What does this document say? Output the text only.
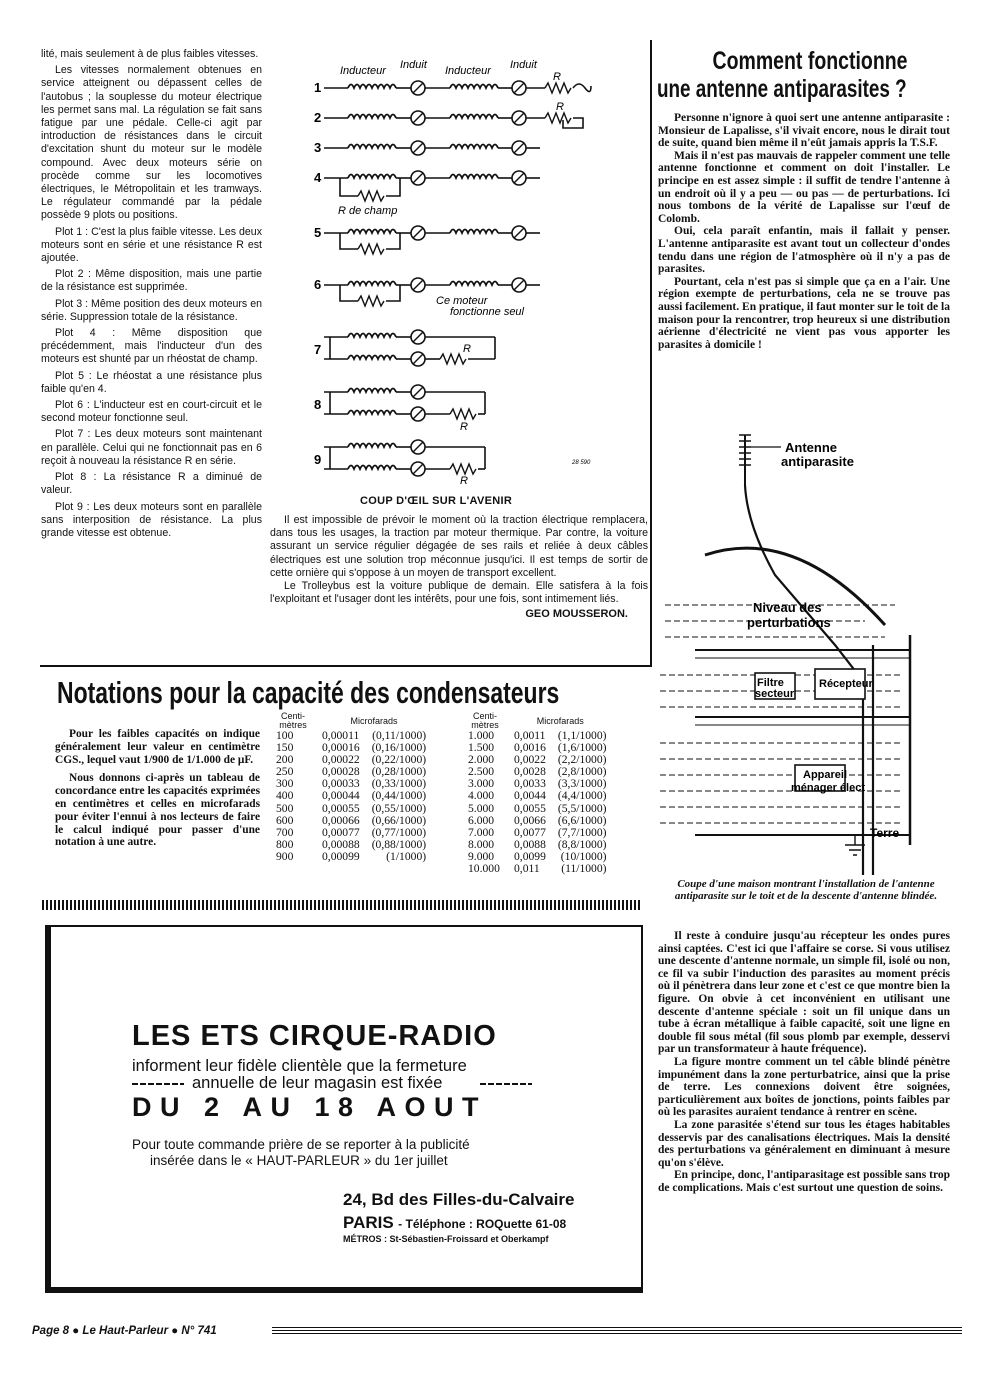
lité, mais seulement à de plus faibles vitesses.

Les vitesses normalement obtenues en service atteignent ou dépassent celles de l'autobus ; la souplesse du moteur électrique les permet sans mal. La régulation se fait sans fatigue par une pédale. Celle-ci agit par introduction de résistances dans le circuit d'excitation shunt du moteur sur le modèle compound. Avec deux moteurs série on procède comme sur les locomotives électriques, le Métropolitain et les tramways. Le régulateur commandé par la pédale possède 9 plots ou positions.

Plot 1 : C'est la plus faible vitesse. Les deux moteurs sont en série et une résistance R est ajoutée.

Plot 2 : Même disposition, mais une partie de la résistance est supprimée.

Plot 3 : Même position des deux moteurs en série. Suppression totale de la résistance.

Plot 4 : Même disposition que précédemment, mais l'inducteur d'un des moteurs est shunté par un rhéostat de champ.

Plot 5 : Le rhéostat a une résistance plus faible qu'en 4.

Plot 6 : L'inducteur est en court-circuit et le second moteur fonctionne seul.

Plot 7 : Les deux moteurs sont maintenant en parallèle. Celui qui ne fonctionnait pas en 6 reçoit à nouveau la résistance R en série.

Plot 8 : La résistance R a diminué de valeur.

Plot 9 : Les deux moteurs sont en parallèle sans interposition de résistance. La plus grande vitesse est obtenue.

Inducteur Induit Inducteur Induit
1
2
3
4
5
6
7
8
9
R
R
R de champ
Ce moteur
fonctionne seul
R
R
R
28 590
COUP D'ŒIL SUR L'AVENIR

Il est impossible de prévoir le moment où la traction électrique remplacera, dans tous les usages, la traction par moteur thermique. Par contre, la voiture assurant un service régulier dégagée de ses rails et reliée à deux câbles électriques est une solution trop méconnue jusqu'ici. Il est temps de sortir de cette ornière qui s'oppose à un moyen de transport excellent.

Le Trolleybus est la voiture publique de demain. Elle satisfera à la fois l'exploitant et l'usager dont les intérêts, pour une fois, sont intimement liés.

GEO MOUSSERON.
Comment fonctionne
une antenne antiparasites ?

Personne n'ignore à quoi sert une antenne antiparasite : Monsieur de Lapalisse, s'il vivait encore, nous le dirait tout de suite, quand bien même il n'eût jamais appris la T.S.F.

Mais il n'est pas mauvais de rappeler comment une telle antenne fonctionne et comment on doit l'installer. Le principe en est assez simple : il suffit de tendre l'antenne à un endroit où il y a peu — ou pas — de perturbations. Ici nous tombons de la vérité de Lapalisse sur l'œuf de Colomb.

Oui, cela paraît enfantin, mais il fallait y penser. L'antenne antiparasite est avant tout un collecteur d'ondes tendu dans une région de l'atmosphère où il n'y a pas de parasites.

Pourtant, cela n'est pas si simple que ça en a l'air. Une région exempte de perturbations, cela ne se trouve pas aussi facilement. En pratique, il faut monter sur le toit de la maison pour la rencontrer, trop heureux si une distribution aérienne d'électricité ne vient pas vous apporter les parasites à domicile !

Antenne
antiparasite
Niveau des
perturbations
Filtre
secteur
Récepteur
Appareil
ménager élect
Terre
Coupe d'une maison montrant l'installation de l'antenne antiparasite sur le toit et de la descente d'antenne blindée.

Il reste à conduire jusqu'au récepteur les ondes pures ainsi captées. C'est ici que l'affaire se corse. Si vous utilisez une descente d'antenne normale, un simple fil, isolé ou non, ce fil va subir l'induction des parasites au moment précis où il pénètrera dans leur zone et c'est ce que montre bien la figure. On obvie à cet inconvénient en utilisant une descente d'antenne spéciale : soit un fil unique dans un tube à écran métallique à faible capacité, soit une ligne en double fil sous métal (fil sous plomb par exemple, desservi par un transformateur à haute fréquence).

La figure montre comment un tel câble blindé pénètre impunément dans la zone perturbatrice, ainsi que la prise de terre. Les connexions doivent être soignées, particulièrement aux boîtes de jonctions, points faibles par où les parasites auraient tendance à rentrer en scène.

La zone parasitée s'étend sur tous les étages habitables desservis par des canalisations électriques. Mais la densité des perturbations va généralement en diminuant à mesure qu'on s'élève.

En principe, donc, l'antiparasitage est possible sans trop de complications. Mais c'est surtout une question de soins.

Notations pour la capacité des condensateurs

Pour les faibles capacités on indique généralement leur valeur en centimètre CGS., lequel vaut 1/900 de 1/1.000 de μF.

Nous donnons ci-après un tableau de concordance entre les capacités exprimées en centimètres et celles en microfarads pour éviter l'ennui à nos lecteurs de faire le calcul indiqué pour passer d'une notation à une autre.

Centi-mètres	Microfarads	
100	0,00011	(0,11/1000)
150	0,00016	(0,16/1000)
200	0,00022	(0,22/1000)
250	0,00028	(0,28/1000)
300	0,00033	(0,33/1000)
400	0,00044	(0,44/1000)
500	0,00055	(0,55/1000)
600	0,00066	(0,66/1000)
700	0,00077	(0,77/1000)
800	0,00088	(0,88/1000)
900	0,00099	(1/1000)
Centi-mètres	Microfarads	
1.000	0,0011	(1,1/1000)
1.500	0,0016	(1,6/1000)
2.000	0,0022	(2,2/1000)
2.500	0,0028	(2,8/1000)
3.000	0,0033	(3,3/1000)
4.000	0,0044	(4,4/1000)
5.000	0,0055	(5,5/1000)
6.000	0,0066	(6,6/1000)
7.000	0,0077	(7,7/1000)
8.000	0,0088	(8,8/1000)
9.000	0,0099	(10/1000)
10.000	0,011	(11/1000)
LES ETS CIRQUE-RADIO
informent leur fidèle clientèle que la fermeture
annuelle de leur magasin est fixée
DU 2 AU 18 AOUT
Pour toute commande prière de se reporter à la publicité
insérée dans le « HAUT-PARLEUR » du 1er juillet
24, Bd des Filles-du-Calvaire
PARIS - Téléphone : ROQuette 61-08
MÉTROS : St-Sébastien-Froissard et Oberkampf
Page 8 ● Le Haut-Parleur ● N° 741
